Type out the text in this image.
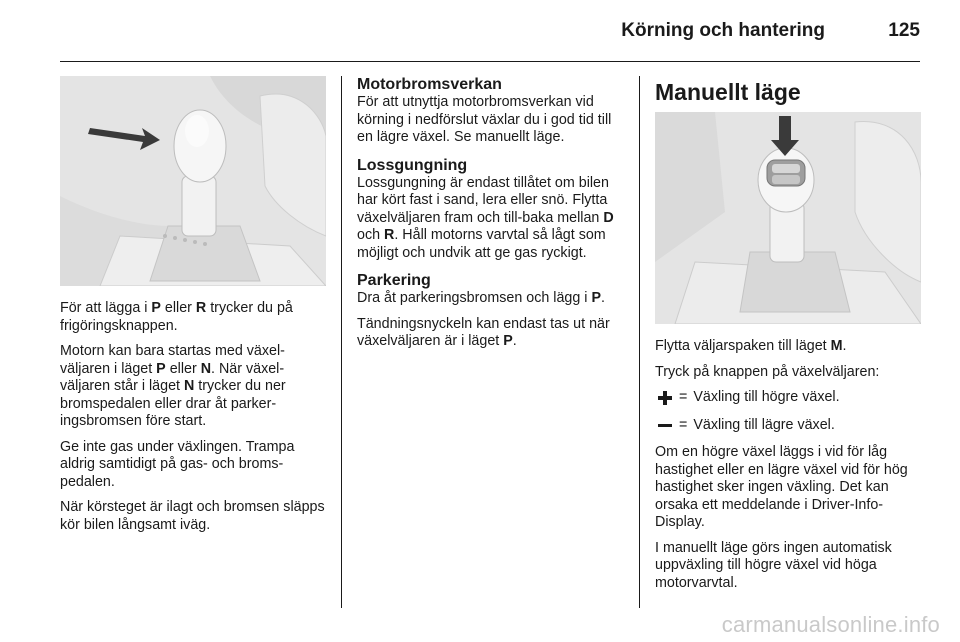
Körning och hantering	125
För att lägga i P eller R trycker du på frigöringsknappen.
Motorn kan bara startas med växel-väljaren i läget P eller N. När växel-väljaren står i läget N trycker du ner bromspedalen eller drar åt parker-ingsbromsen före start.
Ge inte gas under växlingen. Trampa aldrig samtidigt på gas- och broms-pedalen.
När körsteget är ilagt och bromsen släpps kör bilen långsamt iväg.
Motorbromsverkan
För att utnyttja motorbromsverkan vid körning i nedförslut växlar du i god tid till en lägre växel. Se manuellt läge.
Lossgungning
Lossgungning är endast tillåtet om bilen har kört fast i sand, lera eller snö. Flytta växelväljaren fram och till-baka mellan D och R. Håll motorns varvtal så lågt som möjligt och undvik att ge gas ryckigt.
Parkering
Dra åt parkeringsbromsen och lägg i P.
Tändningsnyckeln kan endast tas ut när växelväljaren är i läget P.
Manuellt läge
Flytta väljarspaken till läget M.
Tryck på knappen på växelväljaren:
= Växling till högre växel.
= Växling till lägre växel.
Om en högre växel läggs i vid för låg hastighet eller en lägre växel vid för hög hastighet sker ingen växling. Det kan orsaka ett meddelande i Driver-Info-Display.
I manuellt läge görs ingen automatisk uppväxling till högre växel vid höga motorvarvtal.
carmanualsonline.info
